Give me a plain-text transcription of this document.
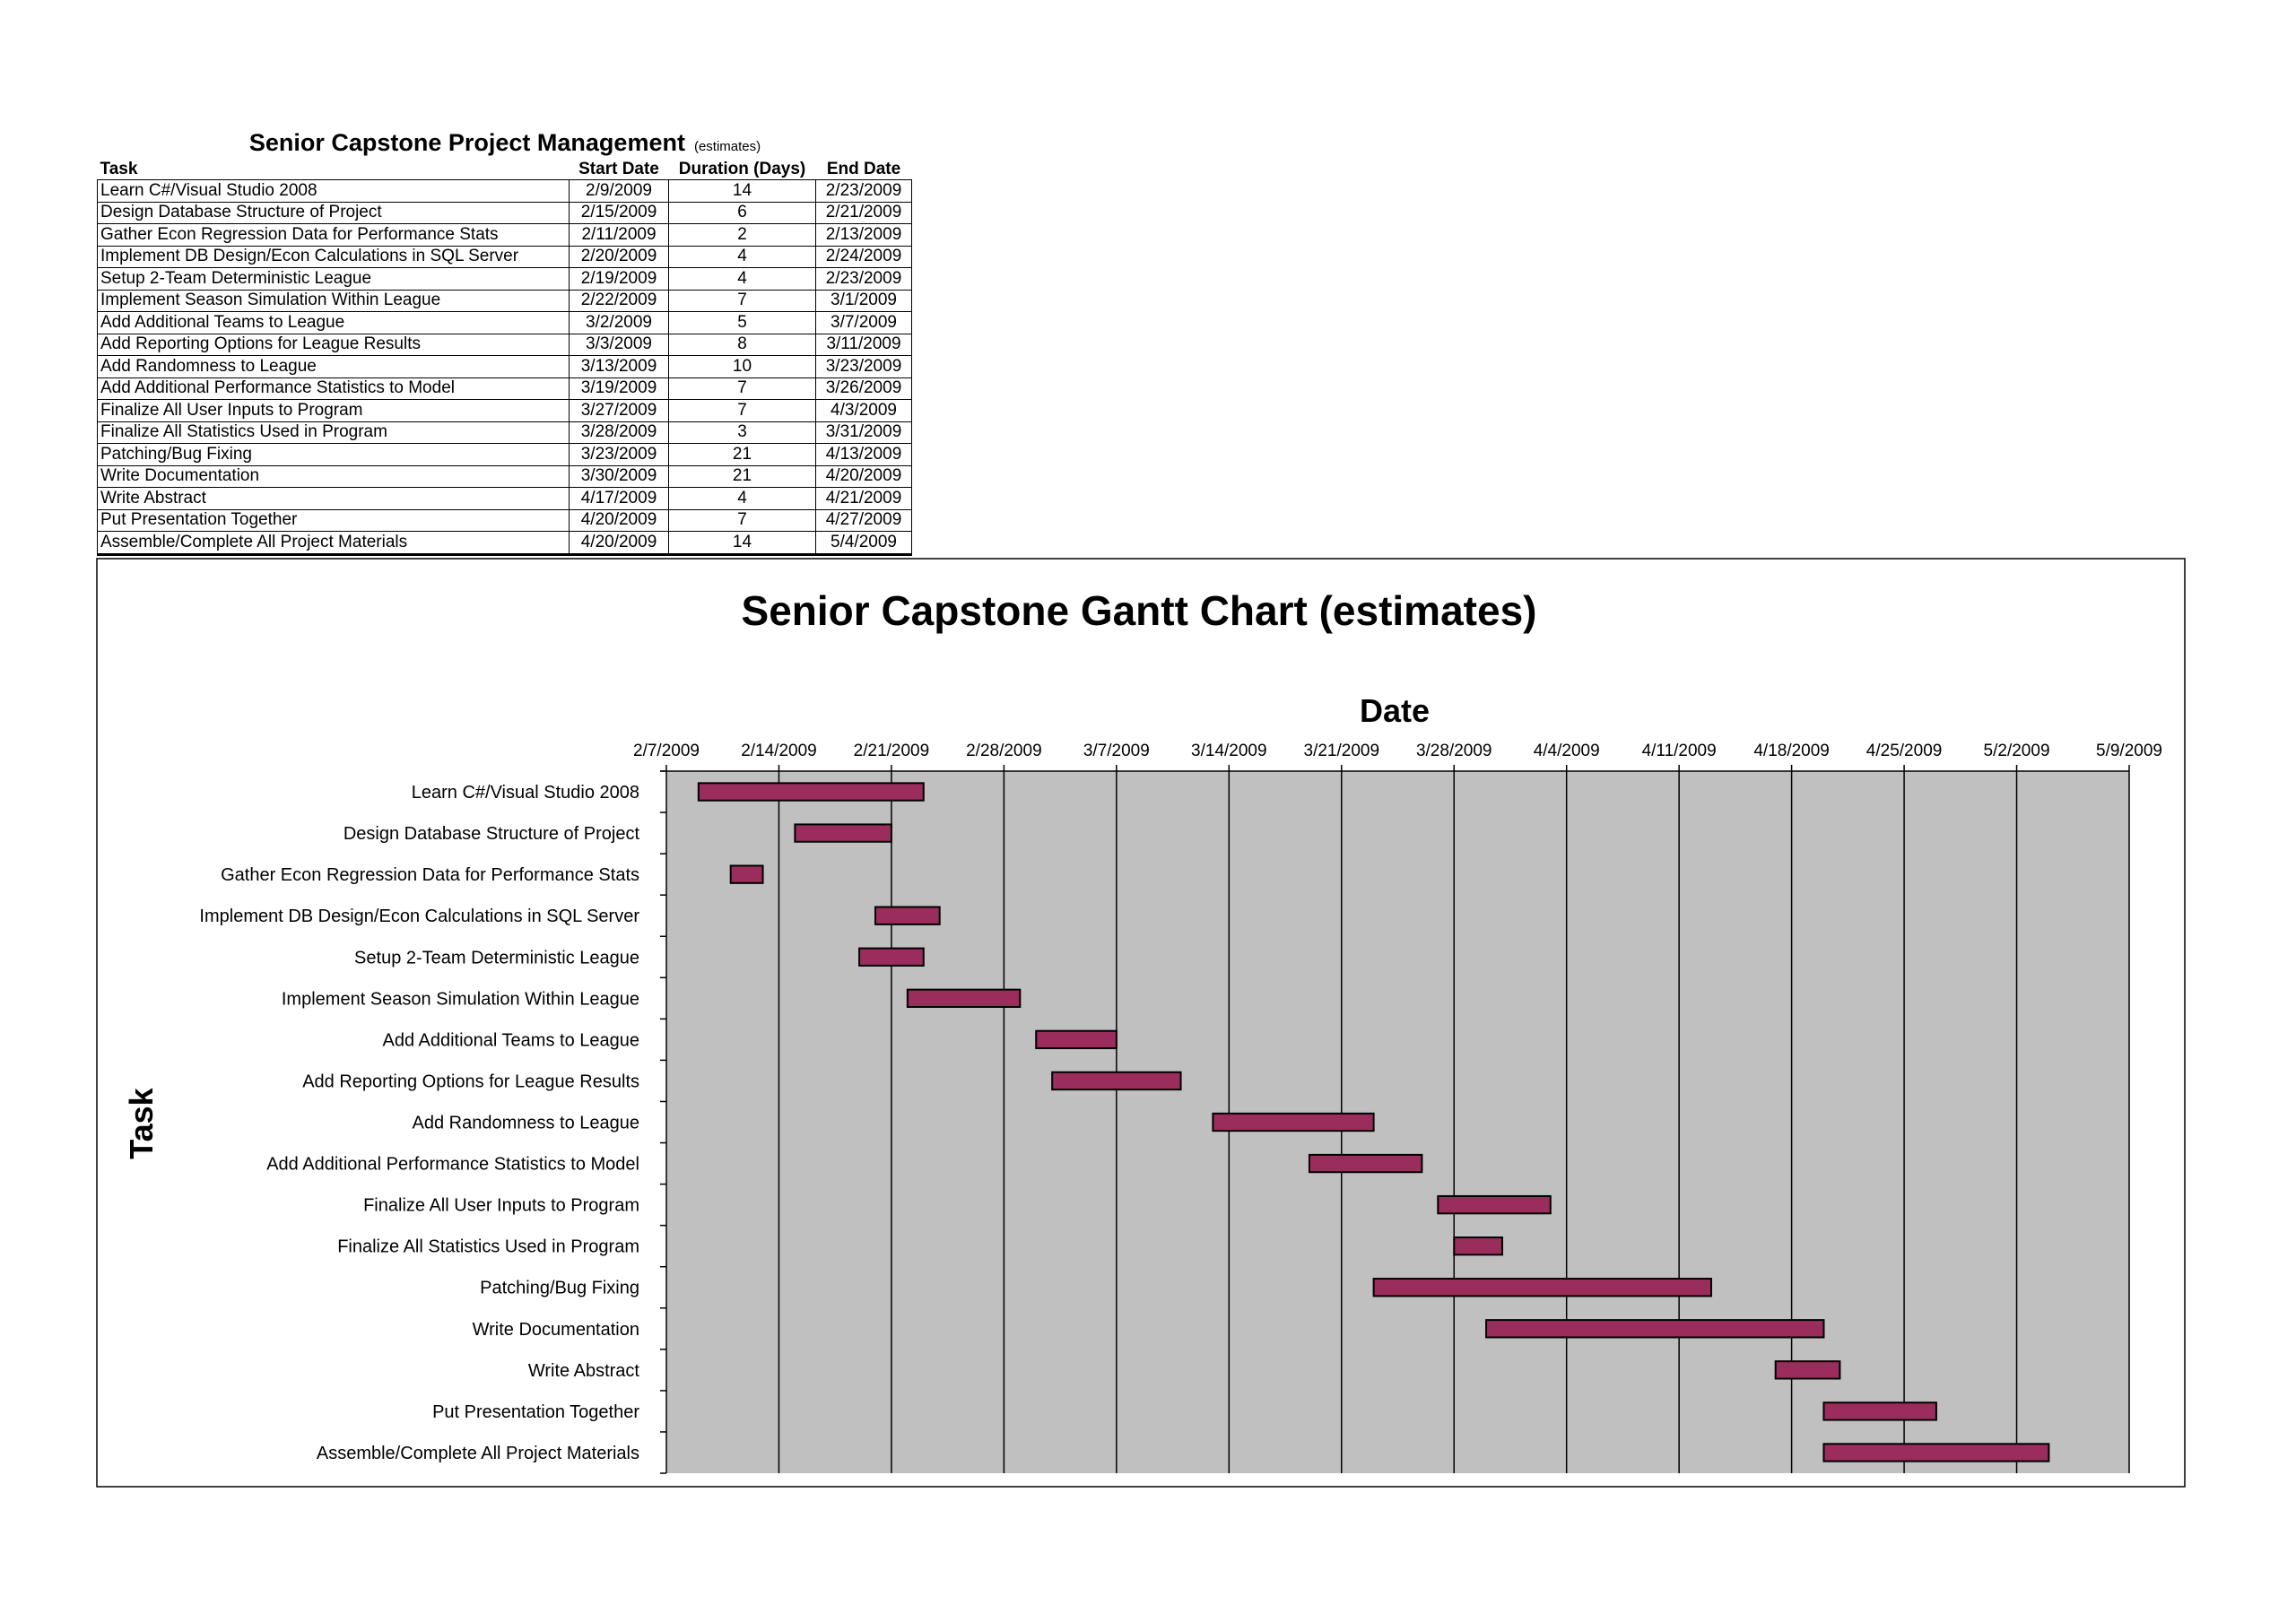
Senior Capstone Project Management (estimates)
Task	Start Date	Duration (Days)	End Date
Learn C#/Visual Studio 2008	2/9/2009	14	2/23/2009
Design Database Structure of Project	2/15/2009	6	2/21/2009
Gather Econ Regression Data for Performance Stats	2/11/2009	2	2/13/2009
Implement DB Design/Econ Calculations in SQL Server	2/20/2009	4	2/24/2009
Setup 2-Team Deterministic League	2/19/2009	4	2/23/2009
Implement Season Simulation Within League	2/22/2009	7	3/1/2009
Add Additional Teams to League	3/2/2009	5	3/7/2009
Add Reporting Options for League Results	3/3/2009	8	3/11/2009
Add Randomness to League	3/13/2009	10	3/23/2009
Add Additional Performance Statistics to Model	3/19/2009	7	3/26/2009
Finalize All User Inputs to Program	3/27/2009	7	4/3/2009
Finalize All Statistics Used in Program	3/28/2009	3	3/31/2009
Patching/Bug Fixing	3/23/2009	21	4/13/2009
Write Documentation	3/30/2009	21	4/20/2009
Write Abstract	4/17/2009	4	4/21/2009
Put Presentation Together	4/20/2009	7	4/27/2009
Assemble/Complete All Project Materials	4/20/2009	14	5/4/2009
Senior Capstone Gantt Chart (estimates)
Date
Task
2/7/2009 2/14/2009 2/21/2009 2/28/2009 3/7/2009 3/14/2009 3/21/2009 3/28/2009 4/4/2009 4/11/2009 4/18/2009 4/25/2009 5/2/2009	5/9/2009
Learn C#/Visual Studio 2008
Design Database Structure of Project
Gather Econ Regression Data for Performance Stats
Implement DB Design/Econ Calculations in SQL Server
Setup 2-Team Deterministic League
Implement Season Simulation Within League
Add Additional Teams to League
Add Reporting Options for League Results
Add Randomness to League
Add Additional Performance Statistics to Model
Finalize All User Inputs to Program
Finalize All Statistics Used in Program
Patching/Bug Fixing
Write Documentation
Write Abstract
Put Presentation Together
Assemble/Complete All Project Materials
